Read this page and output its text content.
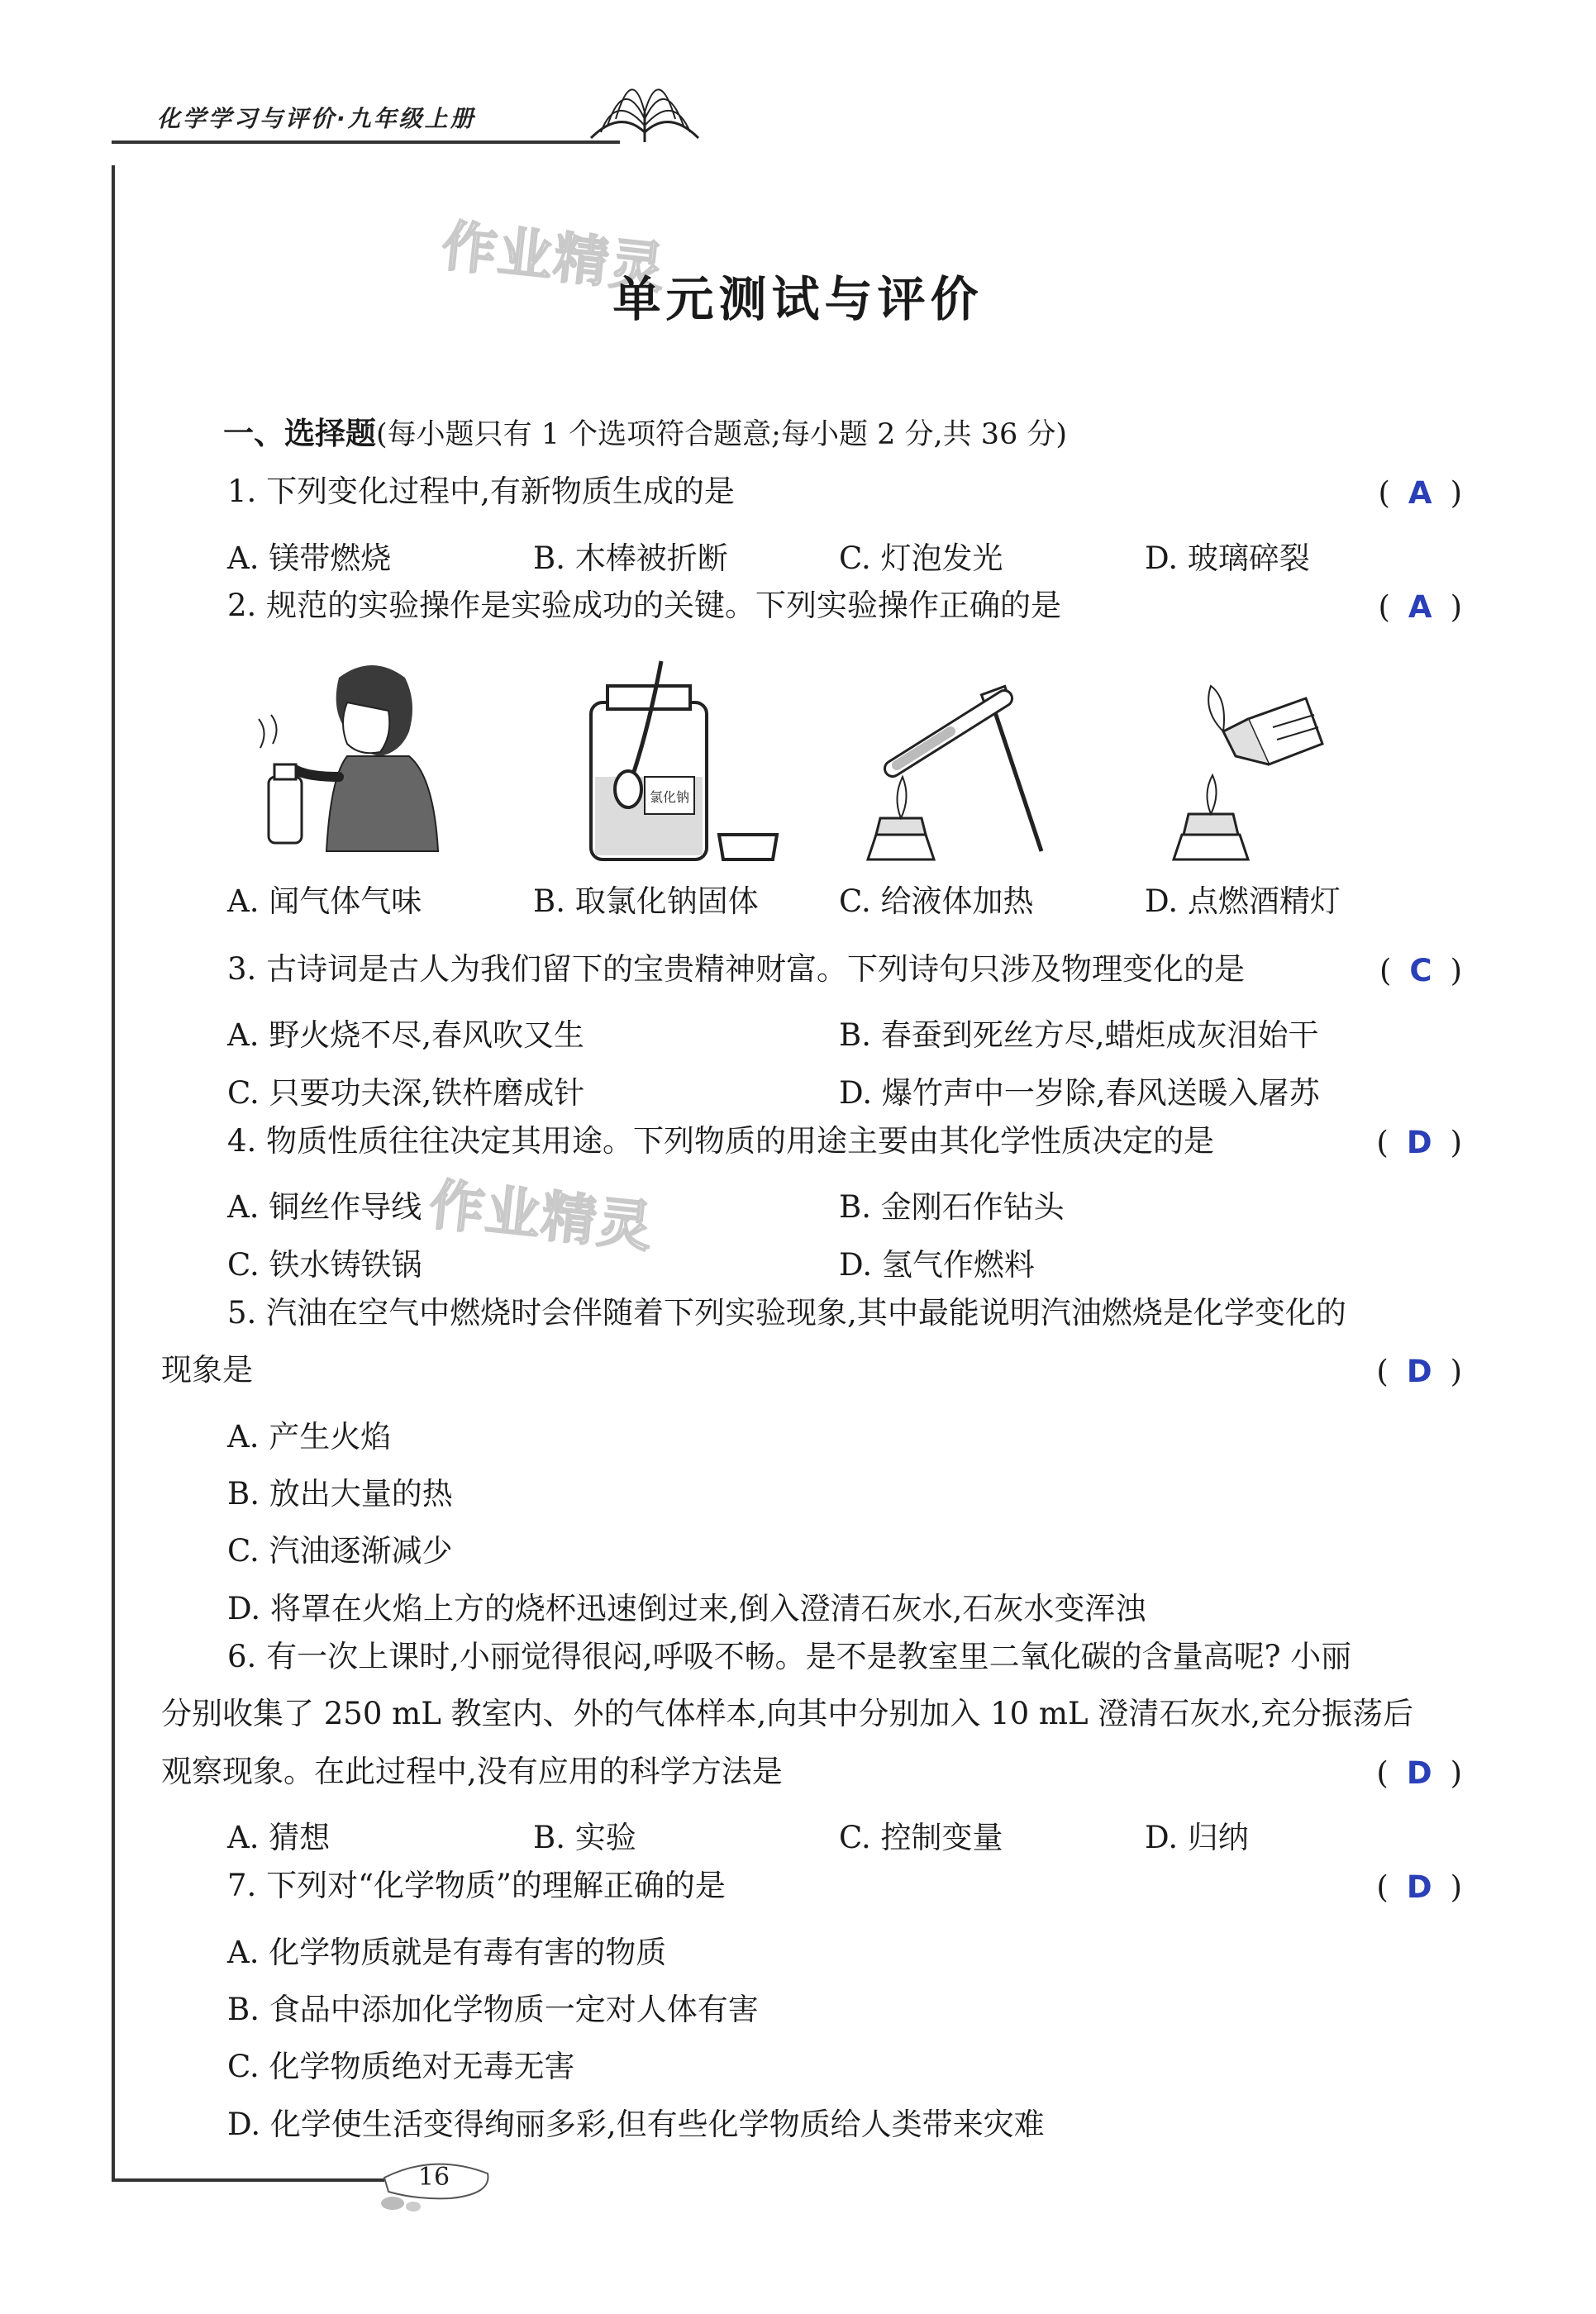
化学学习与评价·九年级上册
作业精灵
作业精灵
单元测试与评价
一、选择题(每小题只有 1 个选项符合题意;每小题 2 分,共 36 分)
1. 下列变化过程中,有新物质生成的是	( A )
A. 镁带燃烧	B. 木棒被折断	C. 灯泡发光	D. 玻璃碎裂
2. 规范的实验操作是实验成功的关键。下列实验操作正确的是	( A )
氯化钠
A. 闻气体气味	B. 取氯化钠固体	C. 给液体加热	D. 点燃酒精灯
3. 古诗词是古人为我们留下的宝贵精神财富。下列诗句只涉及物理变化的是	( C )
A. 野火烧不尽,春风吹又生	B. 春蚕到死丝方尽,蜡炬成灰泪始干
C. 只要功夫深,铁杵磨成针	D. 爆竹声中一岁除,春风送暖入屠苏
4. 物质性质往往决定其用途。下列物质的用途主要由其化学性质决定的是	( D )
A. 铜丝作导线	B. 金刚石作钻头
C. 铁水铸铁锅	D. 氢气作燃料
5. 汽油在空气中燃烧时会伴随着下列实验现象,其中最能说明汽油燃烧是化学变化的
现象是	( D )
A. 产生火焰
B. 放出大量的热
C. 汽油逐渐减少
D. 将罩在火焰上方的烧杯迅速倒过来,倒入澄清石灰水,石灰水变浑浊
6. 有一次上课时,小丽觉得很闷,呼吸不畅。是不是教室里二氧化碳的含量高呢? 小丽
分别收集了 250 mL 教室内、外的气体样本,向其中分别加入 10 mL 澄清石灰水,充分振荡后
观察现象。在此过程中,没有应用的科学方法是	( D )
A. 猜想	B. 实验	C. 控制变量	D. 归纳
7. 下列对“化学物质”的理解正确的是	( D )
A. 化学物质就是有毒有害的物质
B. 食品中添加化学物质一定对人体有害
C. 化学物质绝对无毒无害
D. 化学使生活变得绚丽多彩,但有些化学物质给人类带来灾难
16
